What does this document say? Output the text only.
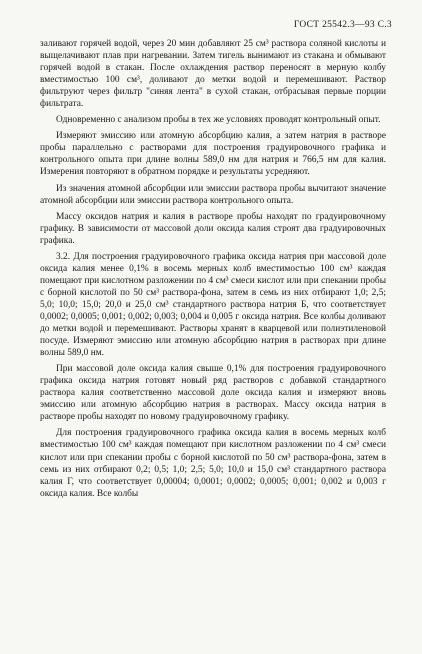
ГОСТ 25542.3—93 С.3

заливают горячей водой, через 20 мин добавляют 25 см³ раствора соляной кислоты и выщелачивают плав при нагревании. Затем тигель вынимают из стакана и обмывают горячей водой в стакан. После охлаждения раствор переносят в мерную колбу вместимостью 100 см³, доливают до метки водой и перемешивают. Раствор фильтруют через фильтр "синяя лента" в сухой стакан, отбрасывая первые порции фильтрата.

Одновременно с анализом пробы в тех же условиях проводят контрольный опыт.

Измеряют эмиссию или атомную абсорбцию калия, а затем натрия в растворе пробы параллельно с растворами для построения градуировочного графика и контрольного опыта при длине волны 589,0 нм для натрия и 766,5 нм для калия. Измерения повторяют в обратном порядке и результаты усредняют.

Из значения атомной абсорбции или эмиссии раствора пробы вычитают значение атомной абсорбции или эмиссии раствора контрольного опыта.

Массу оксидов натрия и калия в растворе пробы находят по градуировочному графику. В зависимости от массовой доли оксида калия строят два градуировочных графика.

3.2. Для построения градуировочного графика оксида натрия при массовой доле оксида калия менее 0,1% в восемь мерных колб вместимостью 100 см³ каждая помещают при кислотном разложении по 4 см³ смеси кислот или при спекании пробы с борной кислотой по 50 см³ раствора-фона, затем в семь из них отбирают 1,0; 2,5; 5,0; 10,0; 15,0; 20,0 и 25,0 см³ стандартного раствора натрия Б, что соответствует 0,0002; 0,0005; 0,001; 0,002; 0,003; 0,004 и 0,005 г оксида натрия. Все колбы доливают до метки водой и перемешивают. Растворы хранят в кварцевой или полиэтиленовой посуде. Измеряют эмиссию или атомную абсорбцию натрия в растворах при длине волны 589,0 нм.

При массовой доле оксида калия свыше 0,1% для построения градуировочного графика оксида натрия готовят новый ряд растворов с добавкой стандартного раствора калия соответственно массовой доле оксида калия и измеряют вновь эмиссию или атомную абсорбцию натрия в растворах. Массу оксида натрия в растворе пробы находят по новому градуировочному графику.

Для построения градуировочного графика оксида калия в восемь мерных колб вместимостью 100 см³ каждая помещают при кислотном разложении по 4 см³ смеси кислот или при спекании пробы с борной кислотой по 50 см³ раствора-фона, затем в семь из них отбирают 0,2; 0,5; 1,0; 2,5; 5,0; 10,0 и 15,0 см³ стандартного раствора калия Г, что соответствует 0,00004; 0,0001; 0,0002; 0,0005; 0,001; 0,002 и 0,003 г оксида калия. Все колбы
